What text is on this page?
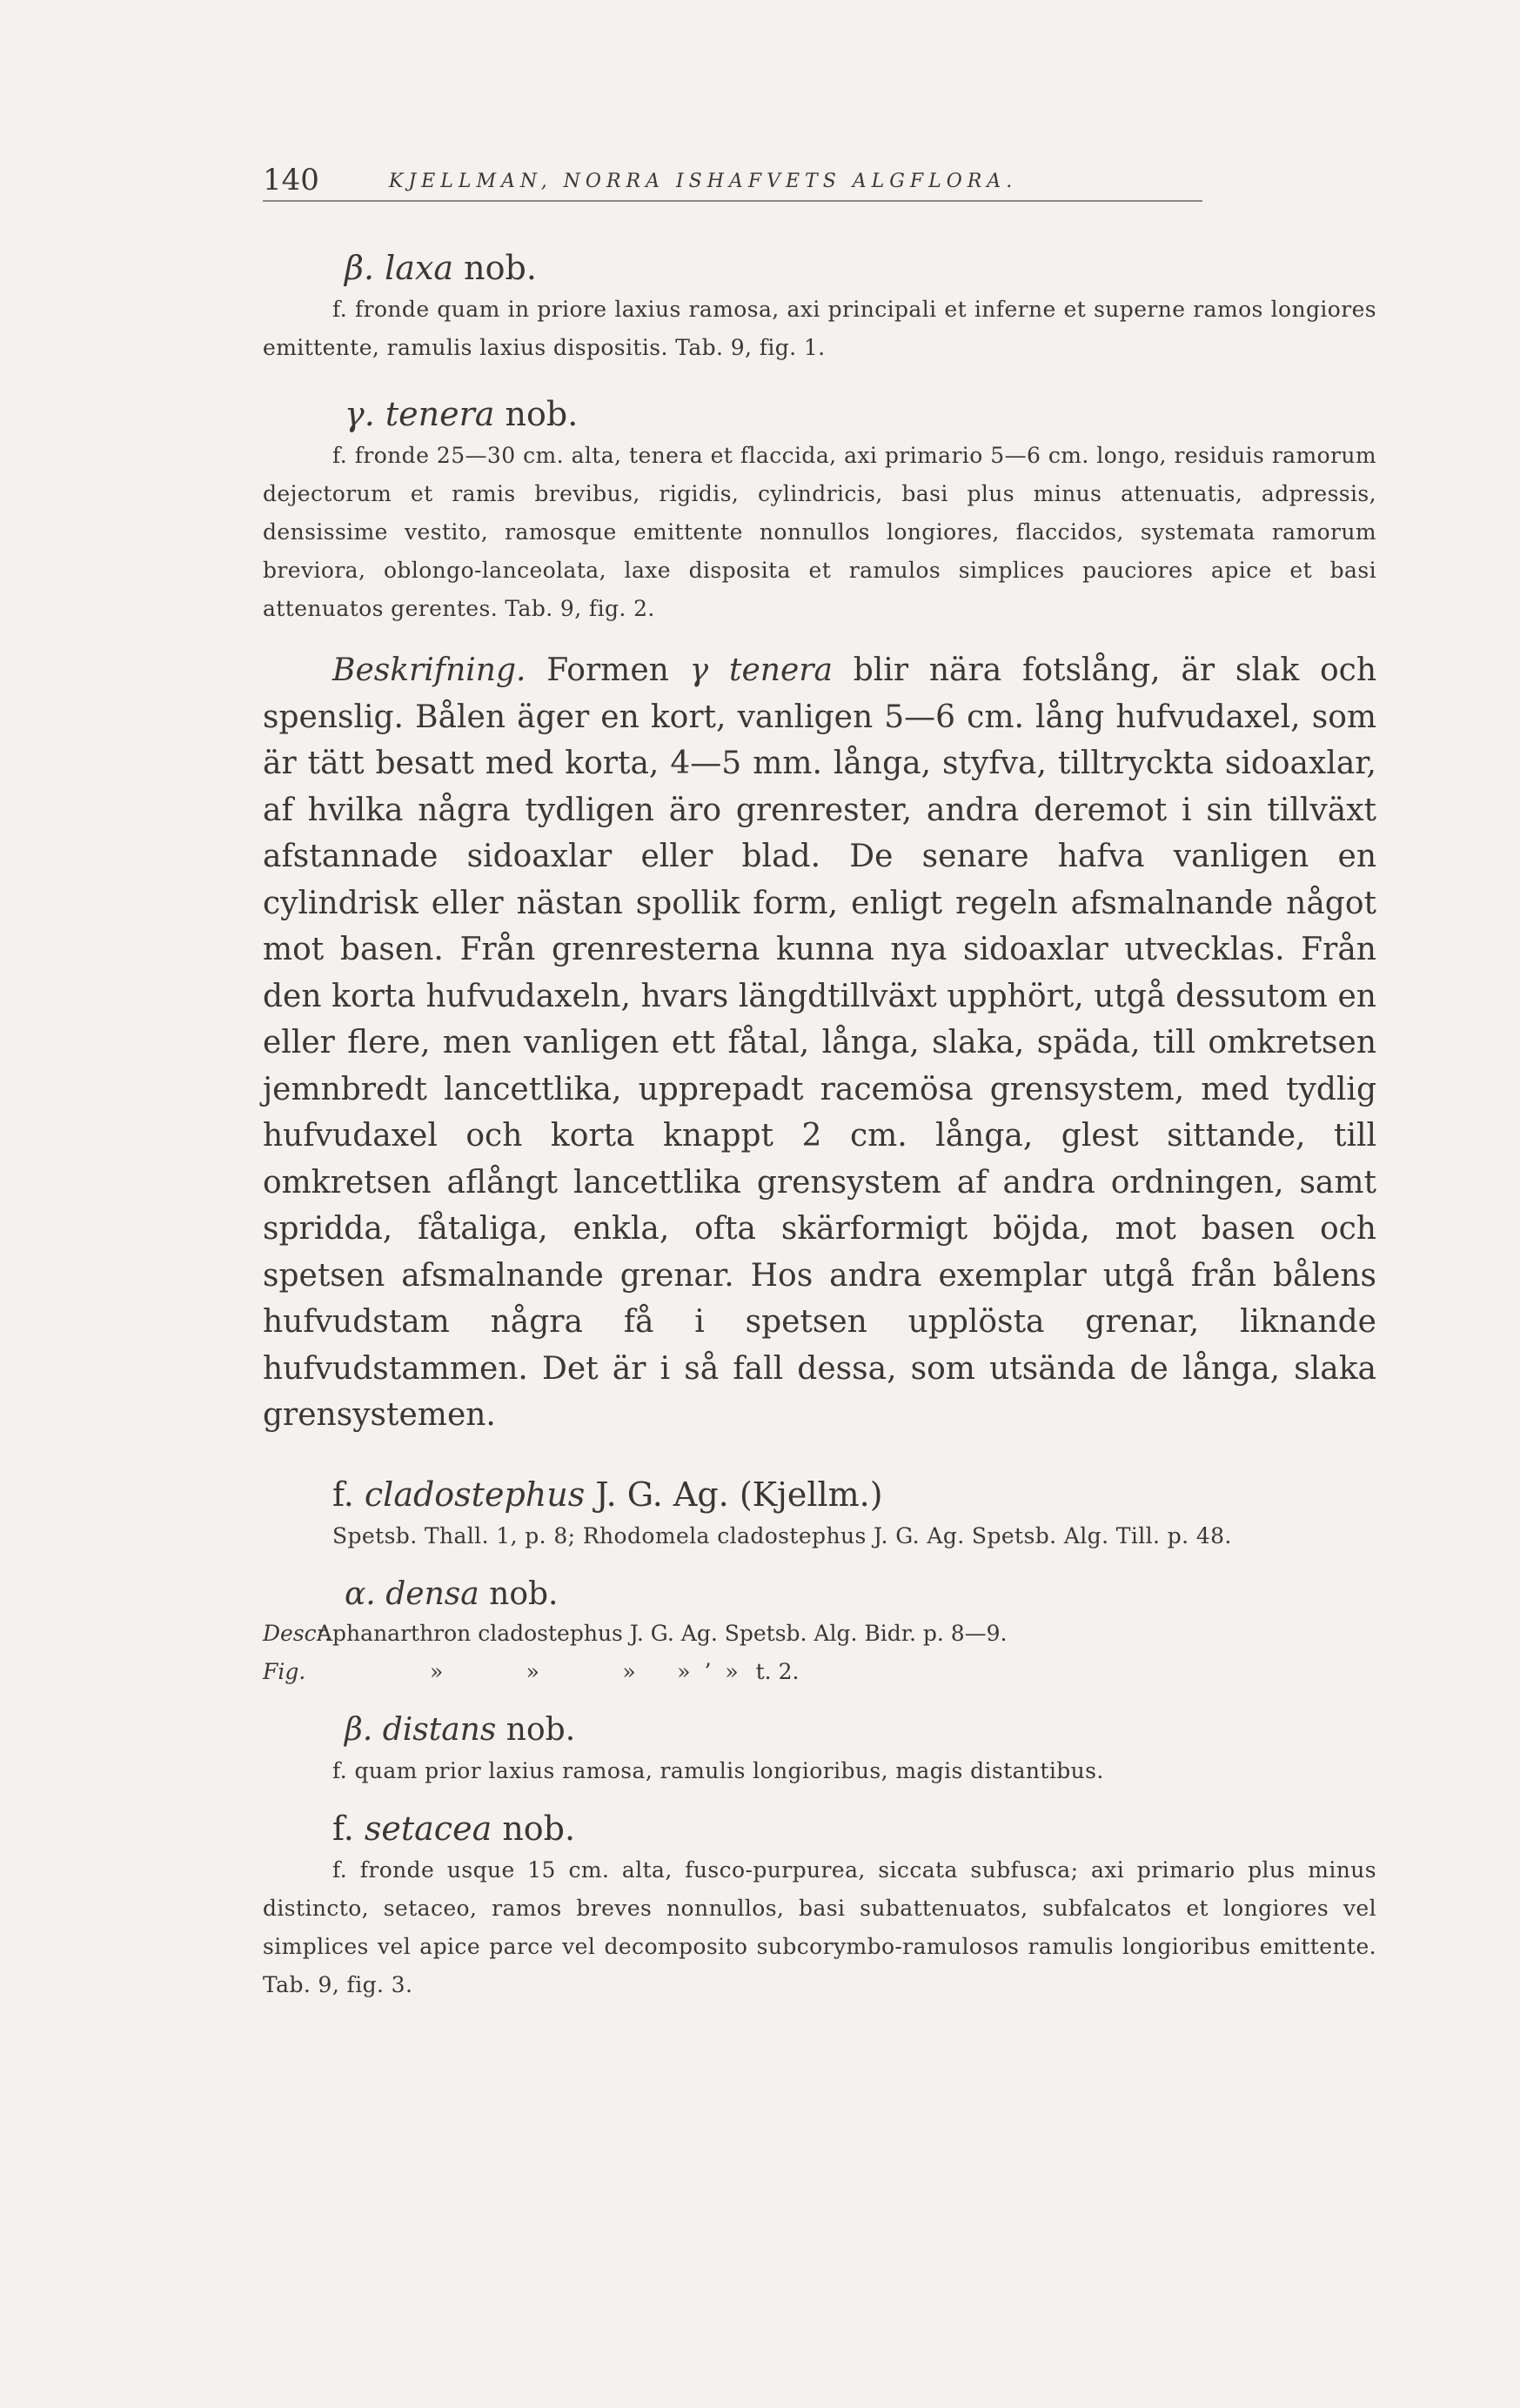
140	KJELLMAN, NORRA ISHAFVETS ALGFLORA.
β. laxa nob.

f. fronde quam in priore laxius ramosa, axi principali et inferne et superne ramos longiores emittente, ramulis laxius dispositis. Tab. 9, fig. 1.

γ. tenera nob.

f. fronde 25—30 cm. alta, tenera et flaccida, axi primario 5—6 cm. longo, residuis ramorum dejectorum et ramis brevibus, rigidis, cylindricis, basi plus minus attenuatis, adpressis, densissime vestito, ramosque emittente nonnullos longiores, flaccidos, systemata ramorum breviora, oblongo-lanceolata, laxe disposita et ramulos simplices pauciores apice et basi attenuatos gerentes. Tab. 9, fig. 2.

Beskrifning. Formen γ tenera blir nära fotslång, är slak och spenslig. Bålen äger en kort, vanligen 5—6 cm. lång hufvudaxel, som är tätt besatt med korta, 4—5 mm. långa, styfva, tilltryckta sidoaxlar, af hvilka några tydligen äro grenrester, andra deremot i sin tillväxt afstannade sidoaxlar eller blad. De senare hafva vanligen en cylindrisk eller nästan spollik form, enligt regeln afsmalnande något mot basen. Från grenresterna kunna nya sidoaxlar utvecklas. Från den korta hufvudaxeln, hvars längdtillväxt upphört, utgå dessutom en eller flere, men vanligen ett fåtal, långa, slaka, späda, till omkretsen jemnbredt lancettlika, upprepadt racemösa grensystem, med tydlig hufvudaxel och korta knappt 2 cm. långa, glest sittande, till omkretsen aflångt lancettlika grensystem af andra ordningen, samt spridda, fåtaliga, enkla, ofta skärformigt böjda, mot basen och spetsen afsmalnande grenar. Hos andra exemplar utgå från bålens hufvudstam några få i spetsen upplösta grenar, liknande hufvudstammen. Det är i så fall dessa, som utsända de långa, slaka grensystemen.

f. cladostephus J. G. Ag. (Kjellm.)

Spetsb. Thall. 1, p. 8; Rhodomela cladostephus J. G. Ag. Spetsb. Alg. Till. p. 48.

α. densa nob.
Descr.
Aphanarthron cladostephus J. G. Ag. Spetsb. Alg. Bidr. p. 8—9.
Fig.	»            »            »      »  ’  » t. 2.
β. distans nob.

f. quam prior laxius ramosa, ramulis longioribus, magis distantibus.

f. setacea nob.

f. fronde usque 15 cm. alta, fusco-purpurea, siccata subfusca; axi primario plus minus distincto, setaceo, ramos breves nonnullos, basi subattenuatos, subfalcatos et longiores vel simplices vel apice parce vel decomposito subcorymbo-ramulosos ramulis longioribus emittente. Tab. 9, fig. 3.
